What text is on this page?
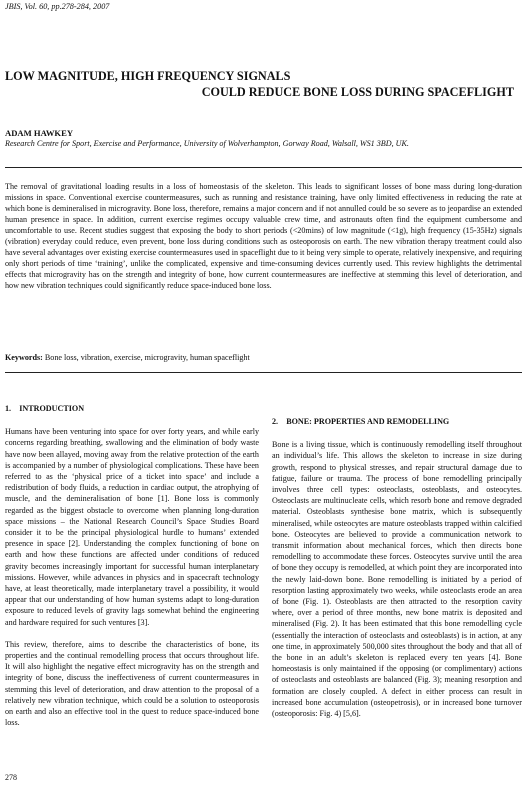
JBIS, Vol. 60, pp.278-284, 2007
LOW MAGNITUDE, HIGH FREQUENCY SIGNALS
COULD REDUCE BONE LOSS DURING SPACEFLIGHT
ADAM HAWKEY
Research Centre for Sport, Exercise and Performance, University of Wolverhampton, Gorway Road, Walsall, WS1 3BD, UK.
The removal of gravitational loading results in a loss of homeostasis of the skeleton. This leads to significant losses of bone mass during long-duration missions in space. Conventional exercise countermeasures, such as running and resistance training, have only limited effectiveness in reducing the rate at which bone is demineralised in microgravity. Bone loss, therefore, remains a major concern and if not annulled could be so severe as to jeopardise an extended human presence in space. In addition, current exercise regimes occupy valuable crew time, and astronauts often find the equipment cumbersome and uncomfortable to use. Recent studies suggest that exposing the body to short periods (<20mins) of low magnitude (<1g), high frequency (15-35Hz) signals (vibration) everyday could reduce, even prevent, bone loss during conditions such as osteoporosis on earth. The new vibration therapy treatment could also have several advantages over existing exercise countermeasures used in spaceflight due to it being very simple to operate, relatively inexpensive, and requiring only short periods of time ‘training’, unlike the complicated, expensive and time-consuming devices currently used. This review highlights the detrimental effects that microgravity has on the strength and integrity of bone, how current countermeasures are ineffective at stemming this level of deterioration, and how new vibration techniques could significantly reduce space-induced bone loss.
Keywords: Bone loss, vibration, exercise, microgravity, human spaceflight
1.    INTRODUCTION

Humans have been venturing into space for over forty years, and while early concerns regarding breathing, swallowing and the elimination of body waste have now been allayed, moving away from the relative protection of the earth is accompanied by a number of physiological complications. These have been referred to as the ‘physical price of a ticket into space’ and include a redistribution of body fluids, a reduction in cardiac output, the atrophying of muscle, and the demineralisation of bone [1]. Bone loss is commonly regarded as the biggest obstacle to overcome when planning long-duration space missions – the National Research Council’s Space Studies Board consider it to be the principal physiological hurdle to humans’ extended presence in space [2]. Understanding the complex functioning of bone on earth and how these functions are affected under conditions of reduced gravity becomes increasingly important for successful human interplanetary missions. However, while advances in physics and in spacecraft technology have, at least theoretically, made interplanetary travel a possibility, it would appear that our understanding of how human systems adapt to long-duration exposure to reduced levels of gravity lags somewhat behind the engineering and hardware required for such ventures [3].

This review, therefore, aims to describe the characteristics of bone, its properties and the continual remodelling process that occurs throughout life. It will also highlight the negative effect microgravity has on the strength and integrity of bone, discuss the ineffectiveness of current countermeasures in stemming this level of deterioration, and draw attention to the proposal of a relatively new vibration technique, which could be a solution to osteoporosis on earth and also an effective tool in the quest to reduce space-induced bone loss.

2.    BONE: PROPERTIES AND REMODELLING

Bone is a living tissue, which is continuously remodelling itself throughout an individual’s life. This allows the skeleton to increase in size during growth, respond to physical stresses, and repair structural damage due to fatigue, failure or trauma. The process of bone remodelling principally involves three cell types: osteoclasts, osteoblasts, and osteocytes. Osteoclasts are multinucleate cells, which resorb bone and remove degraded material. Osteoblasts synthesise bone matrix, which is subsequently mineralised, while osteocytes are mature osteoblasts trapped within calcified bone. Osteocytes are believed to provide a communication network to transmit information about mechanical forces, which then directs bone remodelling to accommodate these forces. Osteocytes survive until the area of bone they occupy is remodelled, at which point they are incorporated into the newly laid-down bone. Bone remodelling is initiated by a period of resorption lasting approximately two weeks, while osteoclasts erode an area of bone (Fig. 1). Osteoblasts are then attracted to the resorption cavity where, over a period of three months, new bone matrix is deposited and mineralised (Fig. 2). It has been estimated that this bone remodelling cycle (essentially the interaction of osteoclasts and osteoblasts) is in action, at any one time, in approximately 500,000 sites throughout the body and that all of the bone in an adult’s skeleton is replaced every ten years [4]. Bone homeostasis is only maintained if the opposing (or complimentary) actions of osteoclasts and osteoblasts are balanced (Fig. 3); meaning resorption and formation are closely coupled. A defect in either process can result in increased bone accumulation (osteopetrosis), or in increased bone turnover (osteoporosis: Fig. 4) [5,6].

278
